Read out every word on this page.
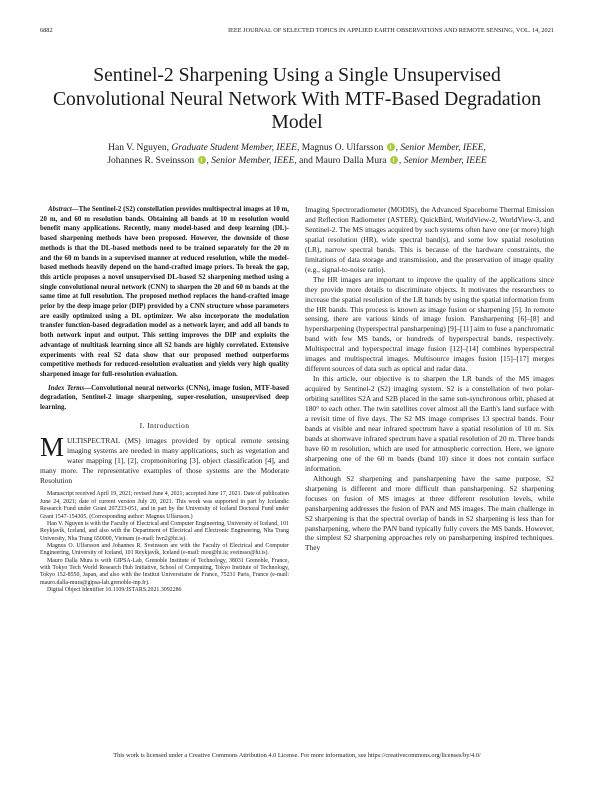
6882	IEEE JOURNAL OF SELECTED TOPICS IN APPLIED EARTH OBSERVATIONS AND REMOTE SENSING, VOL. 14, 2021
Sentinel-2 Sharpening Using a Single Unsupervised Convolutional Neural Network With MTF-Based Degradation Model
Han V. Nguyen, Graduate Student Member, IEEE, Magnus O. Ulfarsson , Senior Member, IEEE,
Johannes R. Sveinsson , Senior Member, IEEE, and Mauro Dalla Mura , Senior Member, IEEE

Abstract—The Sentinel-2 (S2) constellation provides multispectral images at 10 m, 20 m, and 60 m resolution bands. Obtaining all bands at 10 m resolution would benefit many applications. Recently, many model-based and deep learning (DL)-based sharpening methods have been proposed. However, the downside of those methods is that the DL-based methods need to be trained separately for the 20 m and the 60 m bands in a supervised manner at reduced resolution, while the model-based methods heavily depend on the hand-crafted image priors. To break the gap, this article proposes a novel unsupervised DL-based S2 sharpening method using a single convolutional neural network (CNN) to sharpen the 20 and 60 m bands at the same time at full resolution. The proposed method replaces the hand-crafted image prior by the deep image prior (DIP) provided by a CNN structure whose parameters are easily optimized using a DL optimizer. We also incorporate the modulation transfer function-based degradation model as a network layer, and add all bands to both network input and output. This setting improves the DIP and exploits the advantage of multitask learning since all S2 bands are highly correlated. Extensive experiments with real S2 data show that our proposed method outperforms competitive methods for reduced-resolution evaluation and yields very high quality sharpened image for full-resolution evaluation.

Index Terms—Convolutional neural networks (CNNs), image fusion, MTF-based degradation, Sentinel-2 image sharpening, super-resolution, unsupervised deep learning.

I. Introduction

MULTISPECTRAL (MS) images provided by optical remote sensing imaging systems are needed in many applications, such as vegetation and water mapping [1], [2], cropmonitoring [3], object classification [4], and many more. The representative examples of those systems are the Moderate Resolution

Manuscript received April 19, 2021; revised June 4, 2021; accepted June 17, 2021. Date of publication June 24, 2021; date of current version July 20, 2021. This work was supported in part by Icelandic Research Fund under Grant 207233-051, and in part by the University of Iceland Doctoral Fund under Grant 1547-154305. (Corresponding author: Magnus Ulfarsson.)

Han V. Nguyen is with the Faculty of Electrical and Computer Engineering, University of Iceland, 101 Reykjavík, Iceland, and also with the Department of Electrical and Electronic Engineering, Nha Trang University, Nha Trang 650000, Vietnam (e-mail: hvn2@hi.is).

Magnus O. Ulfarsson and Johannes R. Sveinsson are with the Faculty of Electrical and Computer Engineering, University of Iceland, 101 Reykjavík, Iceland (e-mail: mou@hi.is; sveinsso@hi.is).

Mauro Dalla Mura is with GIPSA-Lab, Grenoble Institute of Technology, 38031 Grenoble, France, with Tokyo Tech World Research Hub Initiative, School of Computing, Tokyo Institute of Technology, Tokyo 152-8550, Japan, and also with the Institut Universitaire de France, 75231 Paris, France (e-mail: mauro.dalla-mura@gipsa-lab.grenoble-inp.fr).

Digital Object Identifier 10.1109/JSTARS.2021.3092286

Imaging Spectroradiometer (MODIS), the Advanced Spaceborne Thermal Emission and Reflection Radiometer (ASTER), QuickBird, WorldView-2, WorldView-3, and Sentinel-2. The MS images acquired by such systems often have one (or more) high spatial resolution (HR), wide spectral band(s), and some low spatial resolution (LR), narrow spectral bands. This is because of the hardware constraints, the limitations of data storage and transmission, and the preservation of image quality (e.g., signal-to-noise ratio).

The HR images are important to improve the quality of the applications since they provide more details to discriminate objects. It motivates the researchers to increase the spatial resolution of the LR bands by using the spatial information from the HR bands. This process is known as image fusion or sharpening [5]. In remote sensing, there are various kinds of image fusion. Pansharpening [6]–[8] and hypersharpening (hyperspectral pansharpening) [9]–[11] aim to fuse a panchromatic band with few MS bands, or hundreds of hyperspectral bands, respectively. Multispectral and hyperspectral image fusion [12]–[14] combines hyperspectral images and multispectral images. Multisource images fusion [15]–[17] merges different sources of data such as optical and radar data.

In this article, our objective is to sharpen the LR bands of the MS images acquired by Sentinel-2 (S2) imaging system. S2 is a constellation of two polar-orbiting satellites S2A and S2B placed in the same sun-synchronous orbit, phased at 180° to each other. The twin satellites cover almost all the Earth's land surface with a revisit time of five days. The S2 MS image comprises 13 spectral bands. Four bands at visible and near infrared spectrum have a spatial resolution of 10 m. Six bands at shortwave infrared spectrum have a spatial resolution of 20 m. Three bands have 60 m resolution, which are used for atmospheric correction. Here, we ignore sharpening one of the 60 m bands (band 10) since it does not contain surface information.

Although S2 sharpening and pansharpening have the same purpose, S2 sharpening is different and more difficult than pansharpening. S2 sharpening focuses on fusion of MS images at three different resolution levels, while pansharpening addresses the fusion of PAN and MS images. The main challenge in S2 sharpening is that the spectral overlap of bands in S2 sharpening is less than for pansharpening, where the PAN band typically fully covers the MS bands. However, the simplest S2 sharpening approaches rely on pansharpening inspired techniques. They

This work is licensed under a Creative Commons Attribution 4.0 License. For more information, see https://creativecommons.org/licenses/by/4.0/
